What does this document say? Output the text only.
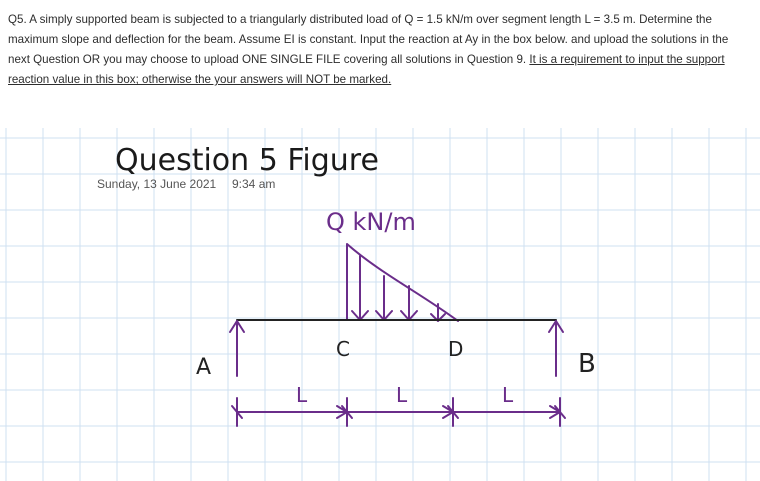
Q5. A simply supported beam is subjected to a triangularly distributed load of Q = 1.5 kN/m over segment length L = 3.5 m. Determine the maximum slope and deflection for the beam. Assume EI is constant. Input the reaction at Ay in the box below. and upload the solutions in the next Question OR you may choose to upload ONE SINGLE FILE covering all solutions in Question 9. It is a requirement to input the support reaction value in this box; otherwise the your answers will NOT be marked.
Question 5 Figure
Sunday, 13 June 2021 9:34 am
Q kN/m
A	B
C	D
L	L	L
